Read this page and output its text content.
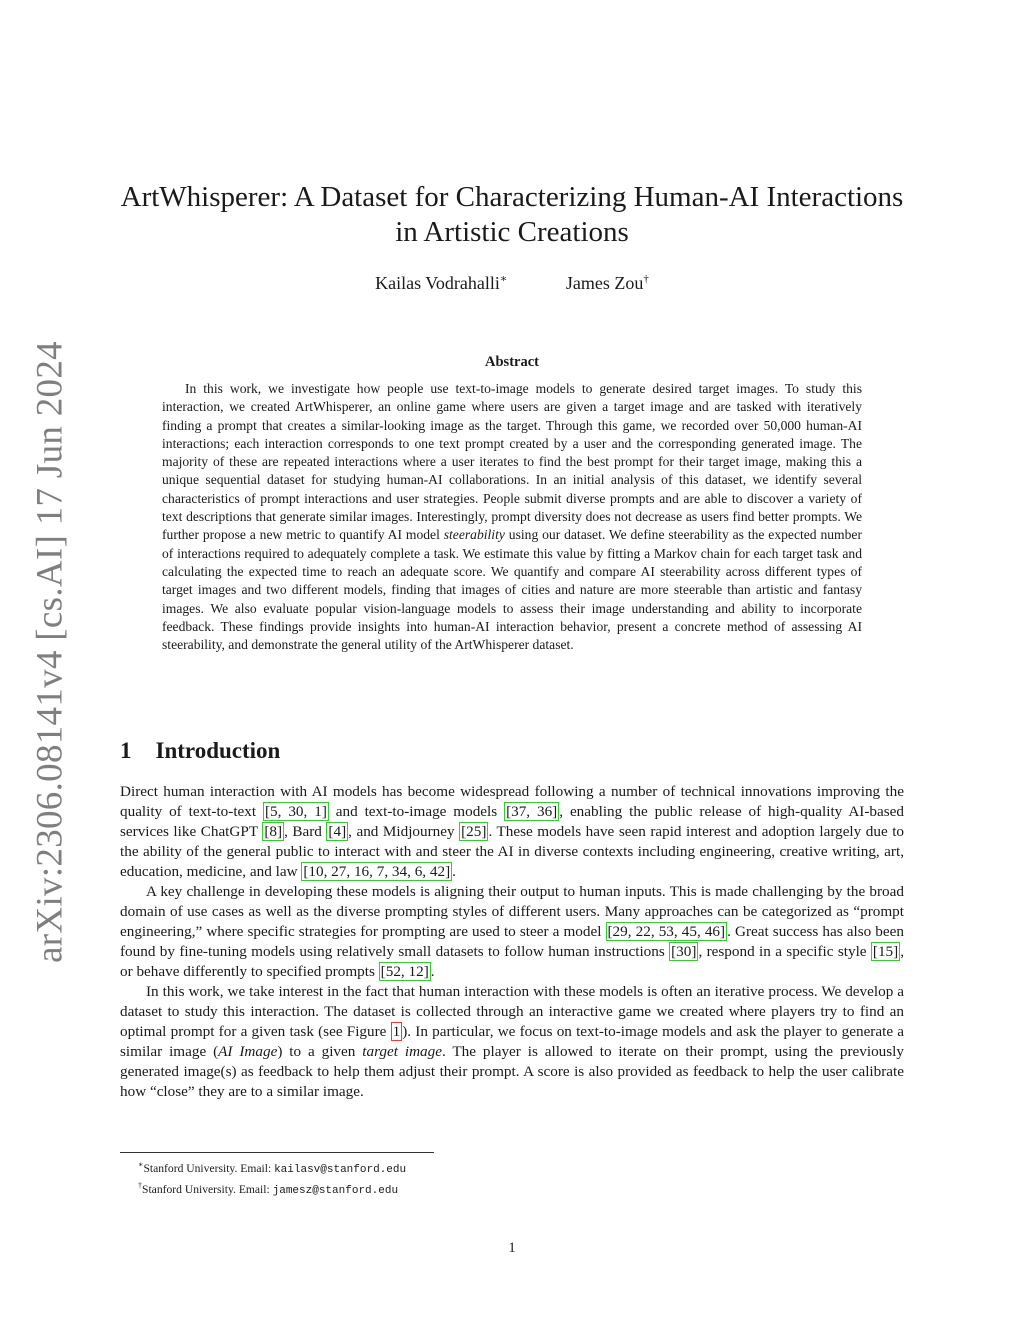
arXiv:2306.08141v4 [cs.AI] 17 Jun 2024
ArtWhisperer: A Dataset for Characterizing Human-AI Interactions in Artistic Creations
Kailas Vodrahalli∗	James Zou†
Abstract

In this work, we investigate how people use text-to-image models to generate desired target images. To study this interaction, we created ArtWhisperer, an online game where users are given a target image and are tasked with iteratively finding a prompt that creates a similar-looking image as the target. Through this game, we recorded over 50,000 human-AI interactions; each interaction corresponds to one text prompt created by a user and the corresponding generated image. The majority of these are repeated interactions where a user iterates to find the best prompt for their target image, making this a unique sequential dataset for studying human-AI collaborations. In an initial analysis of this dataset, we identify several characteristics of prompt interactions and user strategies. People submit diverse prompts and are able to discover a variety of text descriptions that generate similar images. Interestingly, prompt diversity does not decrease as users find better prompts. We further propose a new metric to quantify AI model steerability using our dataset. We define steerability as the expected number of interactions required to adequately complete a task. We estimate this value by fitting a Markov chain for each target task and calculating the expected time to reach an adequate score. We quantify and compare AI steerability across different types of target images and two different models, finding that images of cities and nature are more steerable than artistic and fantasy images. We also evaluate popular vision-language models to assess their image understanding and ability to incorporate feedback. These findings provide insights into human-AI interaction behavior, present a concrete method of assessing AI steerability, and demonstrate the general utility of the ArtWhisperer dataset.

1 Introduction

Direct human interaction with AI models has become widespread following a number of technical innovations improving the quality of text-to-text [5, 30, 1] and text-to-image models [37, 36] , enabling the public release of high-quality AI-based services like ChatGPT [8] , Bard [4] , and Midjourney [25] . These models have seen rapid interest and adoption largely due to the ability of the general public to interact with and steer the AI in diverse contexts including engineering, creative writing, art, education, medicine, and law [10, 27, 16, 7, 34, 6, 42] .

A key challenge in developing these models is aligning their output to human inputs. This is made challenging by the broad domain of use cases as well as the diverse prompting styles of different users. Many approaches can be categorized as “prompt engineering,” where specific strategies for prompting are used to steer a model [29, 22, 53, 45, 46] . Great success has also been found by fine-tuning models using relatively small datasets to follow human instructions [30] , respond in a specific style [15] , or behave differently to specified prompts [52, 12] .

In this work, we take interest in the fact that human interaction with these models is often an iterative process. We develop a dataset to study this interaction. The dataset is collected through an interactive game we created where players try to find an optimal prompt for a given task (see Figure 1 ). In particular, we focus on text-to-image models and ask the player to generate a similar image (AI Image) to a given target image. The player is allowed to iterate on their prompt, using the previously generated image(s) as feedback to help them adjust their prompt. A score is also provided as feedback to help the user calibrate how “close” they are to a similar image.

∗Stanford University. Email: kailasv@stanford.edu
†Stanford University. Email: jamesz@stanford.edu
1
